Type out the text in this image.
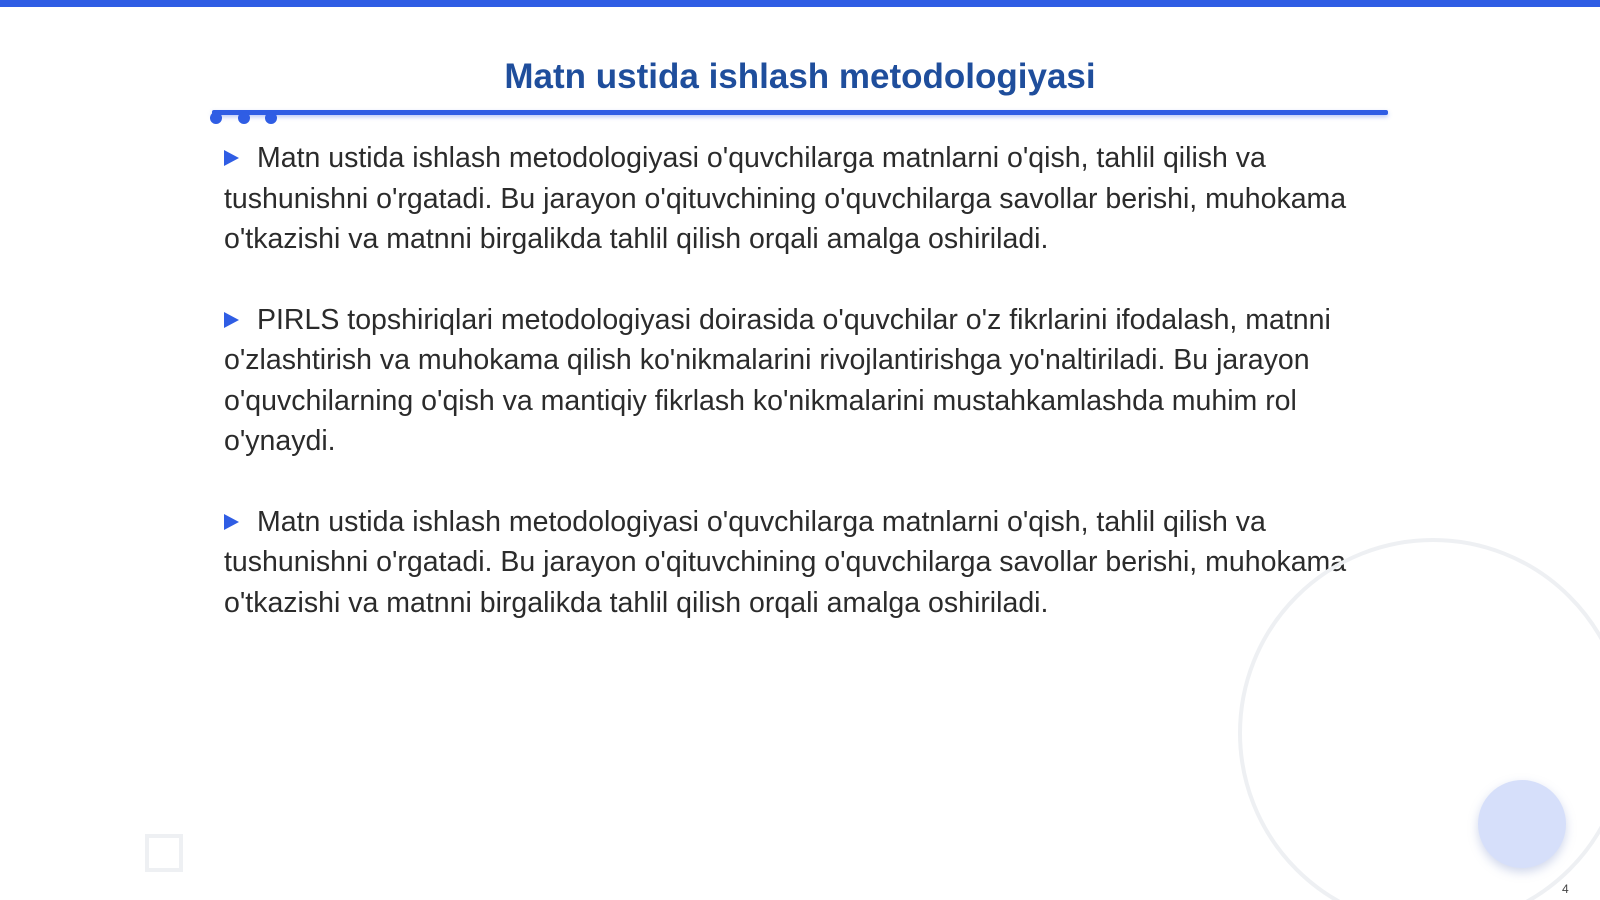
Matn ustida ishlash metodologiyasi

Matn ustida ishlash metodologiyasi o'quvchilarga matnlarni o'qish, tahlil qilish va tushunishni o'rgatadi. Bu jarayon o'qituvchining o'quvchilarga savollar berishi, muhokama o'tkazishi va matnni birgalikda tahlil qilish orqali amalga oshiriladi.

PIRLS topshiriqlari metodologiyasi doirasida o'quvchilar o'z fikrlarini ifodalash, matnni o'zlashtirish va muhokama qilish ko'nikmalarini rivojlantirishga yo'naltiriladi. Bu jarayon o'quvchilarning o'qish va mantiqiy fikrlash ko'nikmalarini mustahkamlashda muhim rol o'ynaydi.

Matn ustida ishlash metodologiyasi o'quvchilarga matnlarni o'qish, tahlil qilish va tushunishni o'rgatadi. Bu jarayon o'qituvchining o'quvchilarga savollar berishi, muhokama o'tkazishi va matnni birgalikda tahlil qilish orqali amalga oshiriladi.

4
